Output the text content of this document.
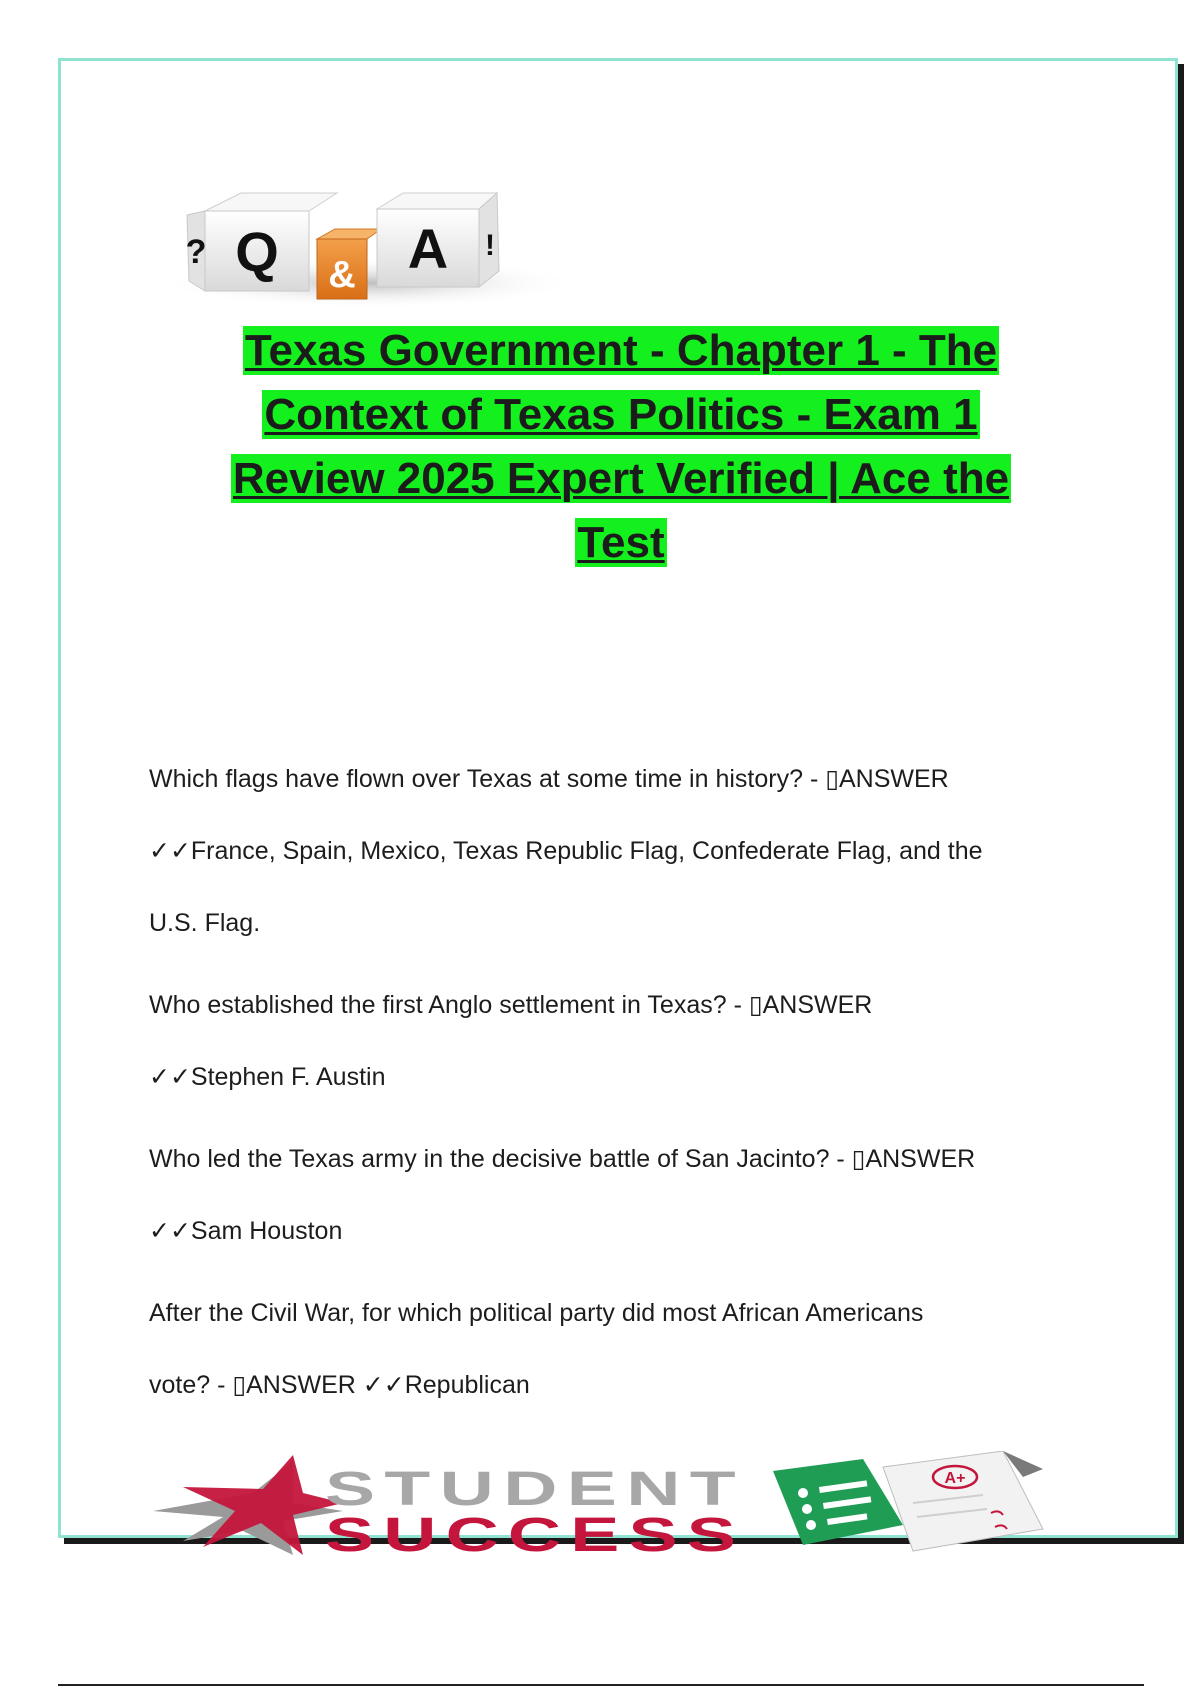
Q
?
& A !
Texas Government - Chapter 1 - The
Context of Texas Politics - Exam 1
Review 2025 Expert Verified | Ace the
Test

Which flags have flown over Texas at some time in history? - ▯ANSWER

✓✓France, Spain, Mexico, Texas Republic Flag, Confederate Flag, and the

U.S. Flag.

Who established the first Anglo settlement in Texas? - ▯ANSWER

✓✓Stephen F. Austin

Who led the Texas army in the decisive battle of San Jacinto? - ▯ANSWER

✓✓Sam Houston

After the Civil War, for which political party did most African Americans

vote? - ▯ANSWER ✓✓Republican

STUDENT
SUCCESS
A+
